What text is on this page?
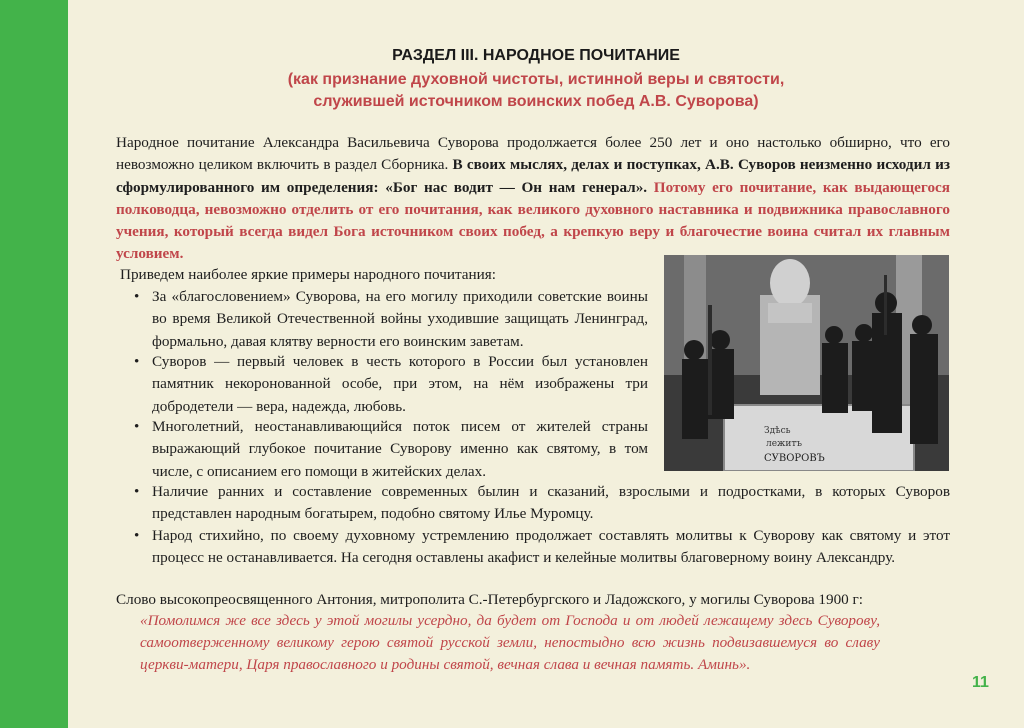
РАЗДЕЛ III. НАРОДНОЕ ПОЧИТАНИЕ
(как признание духовной чистоты, истинной веры и святости,
служившей источником воинских побед А.В. Суворова)
Народное почитание Александра Васильевича Суворова продолжается более 250 лет и оно настолько обширно, что его невозможно целиком включить в раздел Сборника. В своих мыслях, делах и поступках, А.В. Суворов неизменно исходил из сформулированного им определения: «Бог нас водит — Он нам генерал». Потому его почитание, как выдающегося полководца, невозможно отделить от его почитания, как великого духовного наставника и подвижника православного учения, который всегда видел Бога источником своих побед, а крепкую веру и благочестие воина считал их главным условием.
Приведем наиболее яркие примеры народного почитания:
• За «благословением» Суворова, на его могилу приходили советские воины во время Великой Отечественной войны уходившие защищать Ленинград, формально, давая клятву верности его воинским заветам.
• Суворов — первый человек в честь которого в России был установлен памятник некоронованной особе, при этом, на нём изображены три добродетели — вера, надежда, любовь.
• Многолетний, неостанавливающийся поток писем от жителей страны выражающий глубокое почитание Суворову именно как святому, в том числе, с описанием его помощи в житейских делах.
• Наличие ранних и составление современных былин и сказаний, взрослыми и подростками, в которых Суворов представлен народным богатырем, подобно святому Илье Муромцу.
• Народ стихийно, по своему духовному устремлению продолжает составлять молитвы к Суворову как святому и этот процесс не останавливается. На сегодня оставлены акафист и келейные молитвы благоверному воину Александру.
Здѣсь
лежитъ
СУВОРОВЪ
Слово высокопреосвященного Антония, митрополита С.-Петербургского и Ладожского, у могилы Суворова 1900 г:
«Помолимся же все здесь у этой могилы усердно, да будет от Господа и от людей лежащему здесь Суворову, самоотверженному великому герою святой русской земли, непостыдно всю жизнь подвизавшемуся во славу церкви-матери, Царя православного и родины святой, вечная слава и вечная память. Аминь».
11
